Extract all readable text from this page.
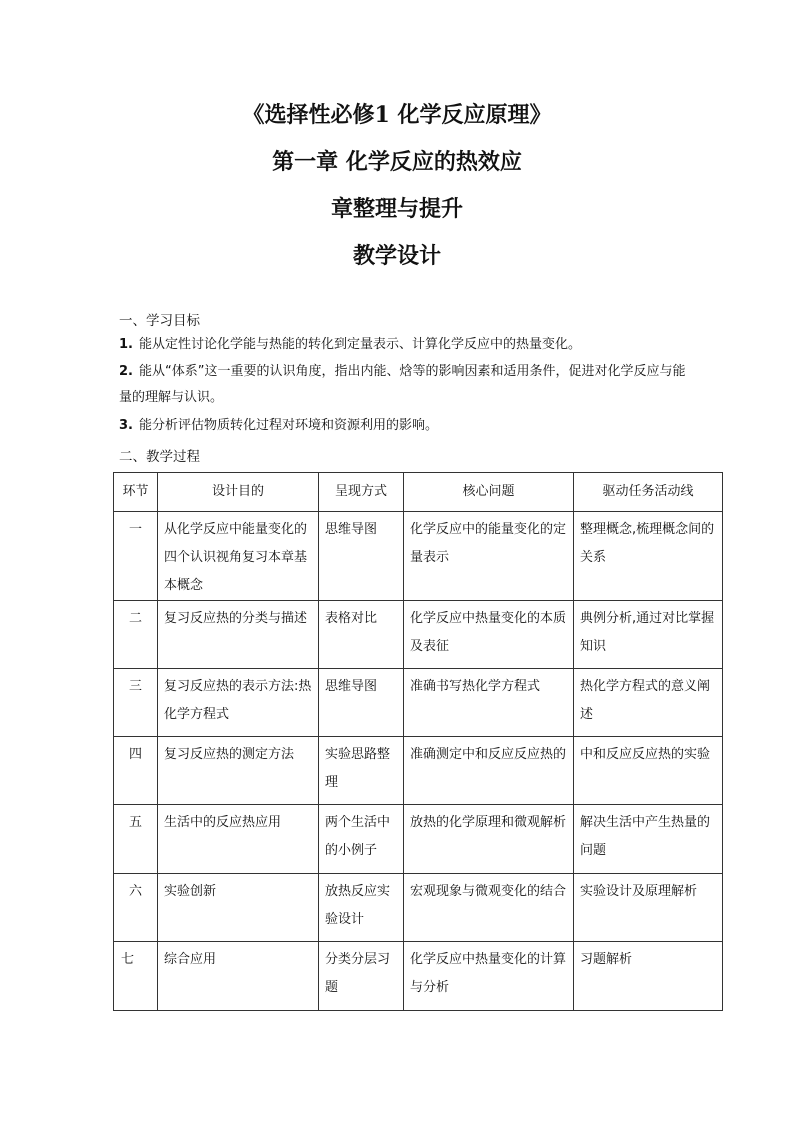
《选择性必修1 化学反应原理》
第一章 化学反应的热效应
章整理与提升
教学设计
一、学习目标
1. 能从定性讨论化学能与热能的转化到定量表示、计算化学反应中的热量变化。
2. 能从“体系”这一重要的认识角度，指出内能、焓等的影响因素和适用条件，促进对化学反应与能量的理解与认识。
3. 能分析评估物质转化过程对环境和资源利用的影响。
二、教学过程
环节	设计目的	呈现方式	核心问题	驱动任务活动线
一	从化学反应中能量变化的四个认识视角复习本章基本概念	思维导图	化学反应中的能量变化的定量表示	整理概念,梳理概念间的关系
二	复习反应热的分类与描述	表格对比	化学反应中热量变化的本质及表征	典例分析,通过对比掌握知识
三	复习反应热的表示方法:热化学方程式	思维导图	准确书写热化学方程式	热化学方程式的意义阐述
四	复习反应热的测定方法	实验思路整理	准确测定中和反应反应热的	中和反应反应热的实验
五	生活中的反应热应用	两个生活中的小例子	放热的化学原理和微观解析	解决生活中产生热量的问题
六	实验创新	放热反应实验设计	宏观现象与微观变化的结合	实验设计及原理解析
七	综合应用	分类分层习题	化学反应中热量变化的计算与分析	习题解析
